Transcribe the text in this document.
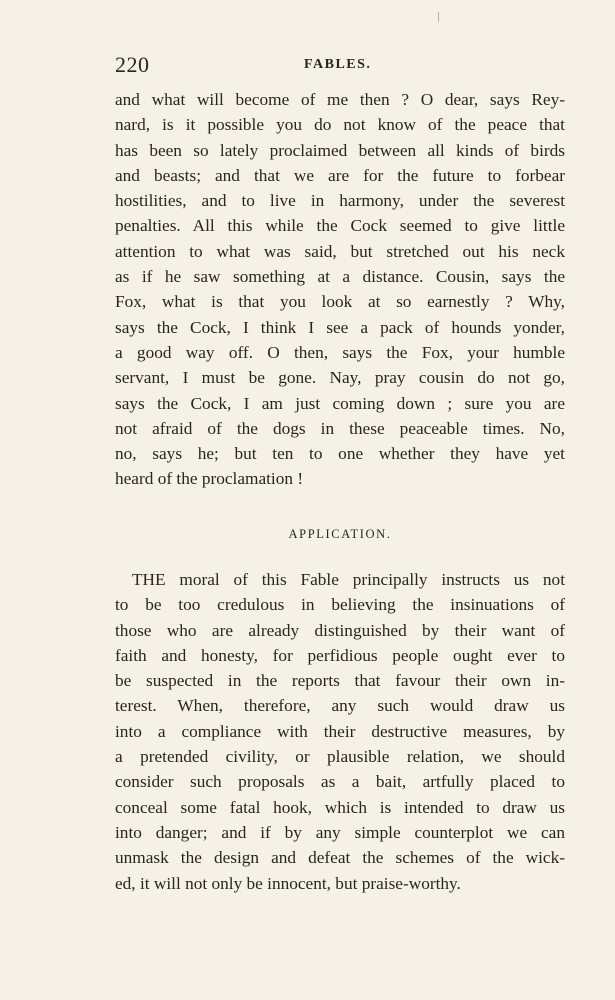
220	FABLES.
and what will become of me then ? O dear, says Rey-
nard, is it possible you do not know of the peace that
has been so lately proclaimed between all kinds of birds
and beasts; and that we are for the future to forbear
hostilities, and to live in harmony, under the severest
penalties. All this while the Cock seemed to give little
attention to what was said, but stretched out his neck
as if he saw something at a distance. Cousin, says the
Fox, what is that you look at so earnestly ? Why,
says the Cock, I think I see a pack of hounds yonder,
a good way off. O then, says the Fox, your humble
servant, I must be gone. Nay, pray cousin do not go,
says the Cock, I am just coming down ; sure you are
not afraid of the dogs in these peaceable times. No,
no, says he; but ten to one whether they have yet
heard of the proclamation !
APPLICATION.
THE moral of this Fable principally instructs us not
to be too credulous in believing the insinuations of
those who are already distinguished by their want of
faith and honesty, for perfidious people ought ever to
be suspected in the reports that favour their own in-
terest. When, therefore, any such would draw us
into a compliance with their destructive measures, by
a pretended civility, or plausible relation, we should
consider such proposals as a bait, artfully placed to
conceal some fatal hook, which is intended to draw us
into danger; and if by any simple counterplot we can
unmask the design and defeat the schemes of the wick-
ed, it will not only be innocent, but praise-worthy.
